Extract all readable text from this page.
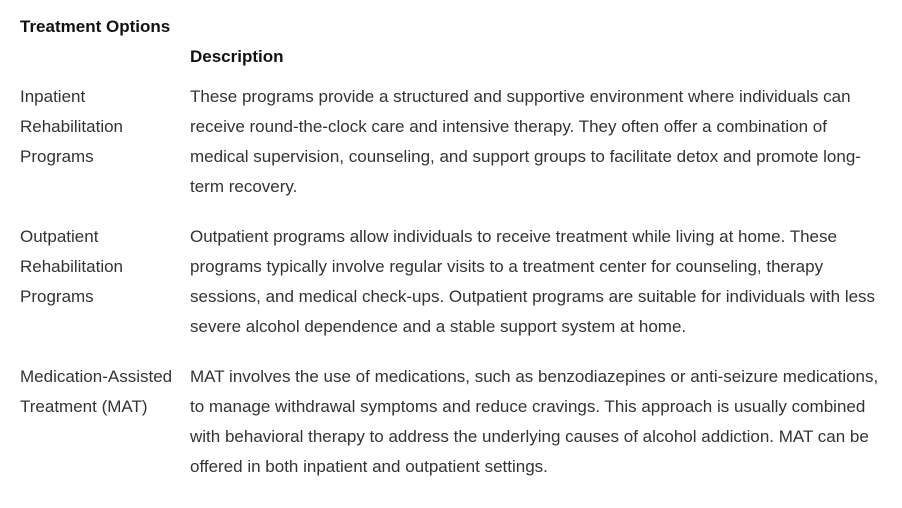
Treatment Options
Description
Inpatient Rehabilitation Programs
These programs provide a structured and supportive environment where individuals can receive round-the-clock care and intensive therapy. They often offer a combination of medical supervision, counseling, and support groups to facilitate detox and promote long-term recovery.
Outpatient Rehabilitation Programs
Outpatient programs allow individuals to receive treatment while living at home. These programs typically involve regular visits to a treatment center for counseling, therapy sessions, and medical check-ups. Outpatient programs are suitable for individuals with less severe alcohol dependence and a stable support system at home.
Medication-Assisted Treatment (MAT)
MAT involves the use of medications, such as benzodiazepines or anti-seizure medications, to manage withdrawal symptoms and reduce cravings. This approach is usually combined with behavioral therapy to address the underlying causes of alcohol addiction. MAT can be offered in both inpatient and outpatient settings.
